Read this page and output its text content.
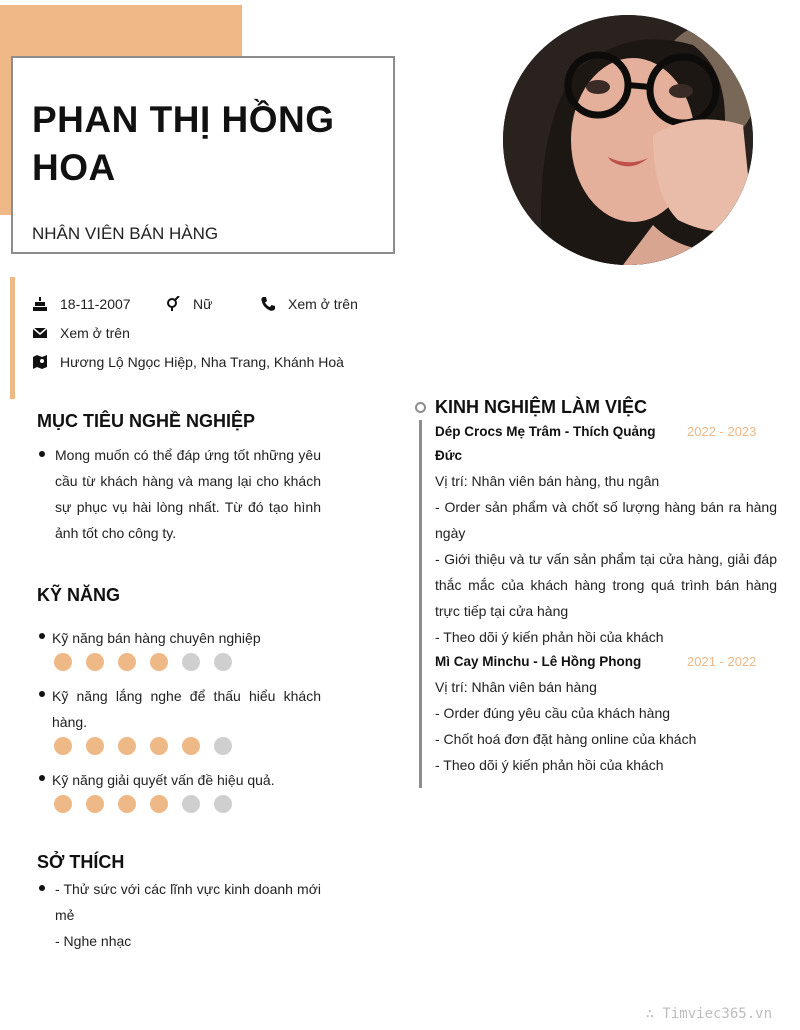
PHAN THỊ HỒNG HOA
NHÂN VIÊN BÁN HÀNG
18-11-2007	Nữ	Xem ở trên
Xem ở trên
Hương Lộ Ngọc Hiệp, Nha Trang, Khánh Hoà
MỤC TIÊU NGHỀ NGHIỆP
Mong muốn có thể đáp ứng tốt những yêu cầu từ khách hàng và mang lại cho khách sự phục vụ hài lòng nhất. Từ đó tạo hình ảnh tốt cho công ty.
KỸ NĂNG
Kỹ năng bán hàng chuyên nghiệp
Kỹ năng lắng nghe để thấu hiểu khách hàng.
Kỹ năng giải quyết vấn đề hiệu quả.
SỞ THÍCH
- Thử sức với các lĩnh vực kinh doanh mới mẻ
- Nghe nhạc
KINH NGHIỆM LÀM VIỆC
Dép Crocs Mẹ Trâm - Thích Quảng Đức
2022 - 2023
Vị trí: Nhân viên bán hàng, thu ngân
- Order sản phẩm và chốt số lượng hàng bán ra hàng ngày
- Giới thiệu và tư vấn sản phẩm tại cửa hàng, giải đáp thắc mắc của khách hàng trong quá trình bán hàng trực tiếp tại cửa hàng
- Theo dõi ý kiến phản hồi của khách
Mì Cay Minchu - Lê Hồng Phong	2021 - 2022
Vị trí: Nhân viên bán hàng
- Order đúng yêu cầu của khách hàng
- Chốt hoá đơn đặt hàng online của khách
- Theo dõi ý kiến phản hồi của khách
∴ Timviec365.vn
